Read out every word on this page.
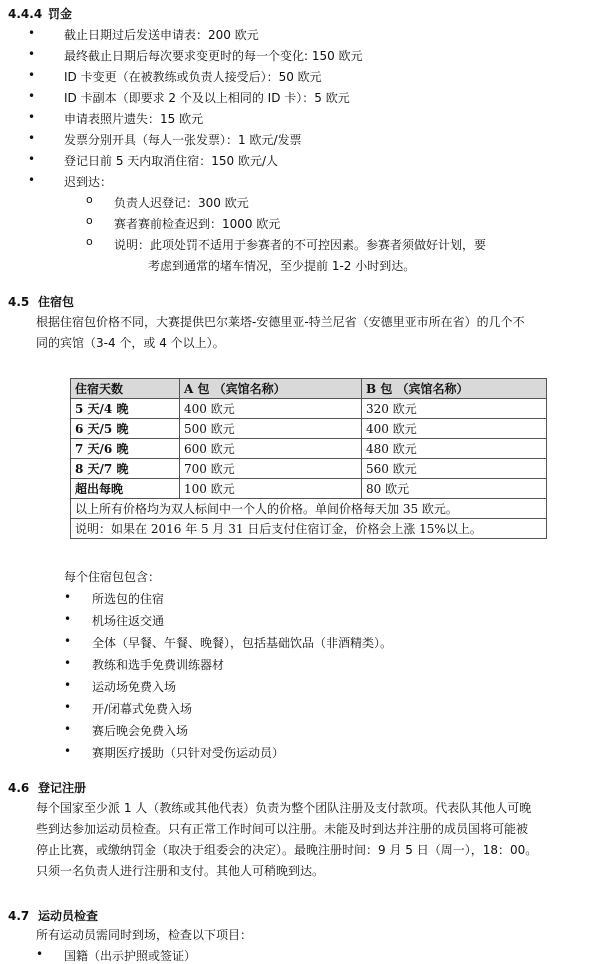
4.4.4 罚金
• 截止日期过后发送申请表：200 欧元
• 最终截止日期后每次要求变更时的每一个变化: 150 欧元
• ID 卡变更（在被教练或负责人接受后）：50 欧元
• ID 卡副本（即要求 2 个及以上相同的 ID 卡）：5 欧元
• 申请表照片遗失：15 欧元
• 发票分别开具（每人一张发票）：1 欧元/发票
• 登记日前 5 天内取消住宿：150 欧元/人
• 迟到达：
o 负责人迟登记：300 欧元
o 赛者赛前检查迟到：1000 欧元
o 说明：此项处罚不适用于参赛者的不可控因素。参赛者须做好计划，要
考虑到通常的堵车情况，至少提前 1-2 小时到达。
4.5 住宿包
根据住宿包价格不同，大赛提供巴尔莱塔-安德里亚-特兰尼省（安德里亚市所在省）的几个不
同的宾馆（3-4 个，或 4 个以上）。
住宿天数	A 包 （宾馆名称）	B 包 （宾馆名称）
5 天/4 晚	400 欧元	320 欧元
6 天/5 晚	500 欧元	400 欧元
7 天/6 晚	600 欧元	480 欧元
8 天/7 晚	700 欧元	560 欧元
超出每晚	100 欧元	80 欧元
以上所有价格均为双人标间中一个人的价格。单间价格每天加 35 欧元。		
说明：如果在 2016 年 5 月 31 日后支付住宿订金，价格会上涨 15%以上。		
每个住宿包包含：
• 所选包的住宿
• 机场往返交通
• 全体（早餐、午餐、晚餐），包括基础饮品（非酒精类）。
• 教练和选手免费训练器材
• 运动场免费入场
• 开/闭幕式免费入场
• 赛后晚会免费入场
• 赛期医疗援助（只针对受伤运动员）
4.6 登记注册
每个国家至少派 1 人（教练或其他代表）负责为整个团队注册及支付款项。代表队其他人可晚
些到达参加运动员检查。只有正常工作时间可以注册。未能及时到达并注册的成员国将可能被
停止比赛，或缴纳罚金（取决于组委会的决定）。最晚注册时间：9 月 5 日（周一），18：00。
只须一名负责人进行注册和支付。其他人可稍晚到达。
4.7 运动员检查
所有运动员需同时到场，检查以下项目：
• 国籍（出示护照或签证）
